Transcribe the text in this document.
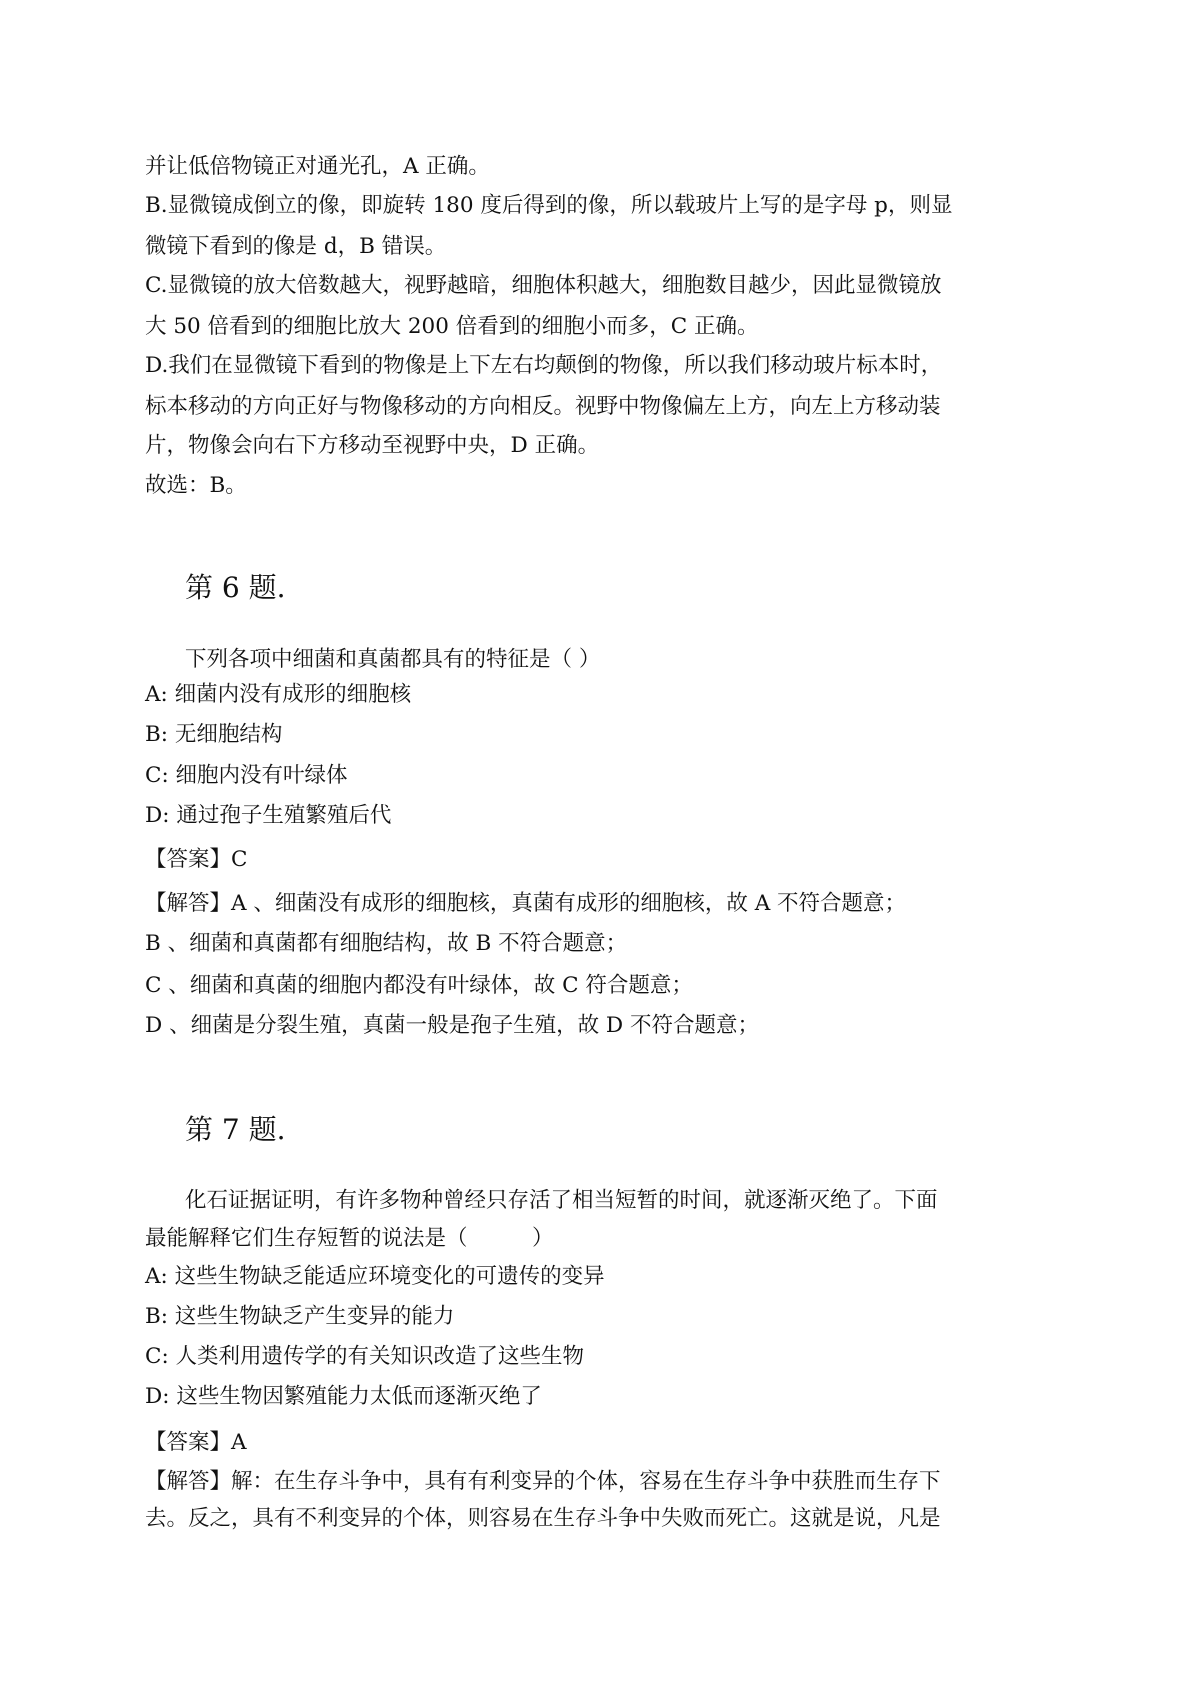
并让低倍物镜正对通光孔，A 正确。
B.显微镜成倒立的像，即旋转 180 度后得到的像，所以载玻片上写的是字母 p，则显
微镜下看到的像是 d，B 错误。
C.显微镜的放大倍数越大，视野越暗，细胞体积越大，细胞数目越少，因此显微镜放
大 50 倍看到的细胞比放大 200 倍看到的细胞小而多，C 正确。
D.我们在显微镜下看到的物像是上下左右均颠倒的物像，所以我们移动玻片标本时，
标本移动的方向正好与物像移动的方向相反。视野中物像偏左上方，向左上方移动装
片，物像会向右下方移动至视野中央，D 正确。
故选：B。
第 6 题.
下列各项中细菌和真菌都具有的特征是（ ）
A: 细菌内没有成形的细胞核
B: 无细胞结构
C: 细胞内没有叶绿体
D: 通过孢子生殖繁殖后代
【答案】C
【解答】A 、细菌没有成形的细胞核，真菌有成形的细胞核，故 A 不符合题意；
B 、细菌和真菌都有细胞结构，故 B 不符合题意；
C 、细菌和真菌的细胞内都没有叶绿体，故 C 符合题意；
D 、细菌是分裂生殖，真菌一般是孢子生殖，故 D 不符合题意；
第 7 题.
化石证据证明，有许多物种曾经只存活了相当短暂的时间，就逐渐灭绝了。下面
最能解释它们生存短暂的说法是（　　　）
A: 这些生物缺乏能适应环境变化的可遗传的变异
B: 这些生物缺乏产生变异的能力
C: 人类利用遗传学的有关知识改造了这些生物
D: 这些生物因繁殖能力太低而逐渐灭绝了
【答案】A
【解答】解：在生存斗争中，具有有利变异的个体，容易在生存斗争中获胜而生存下
去。反之，具有不利变异的个体，则容易在生存斗争中失败而死亡。这就是说，凡是
